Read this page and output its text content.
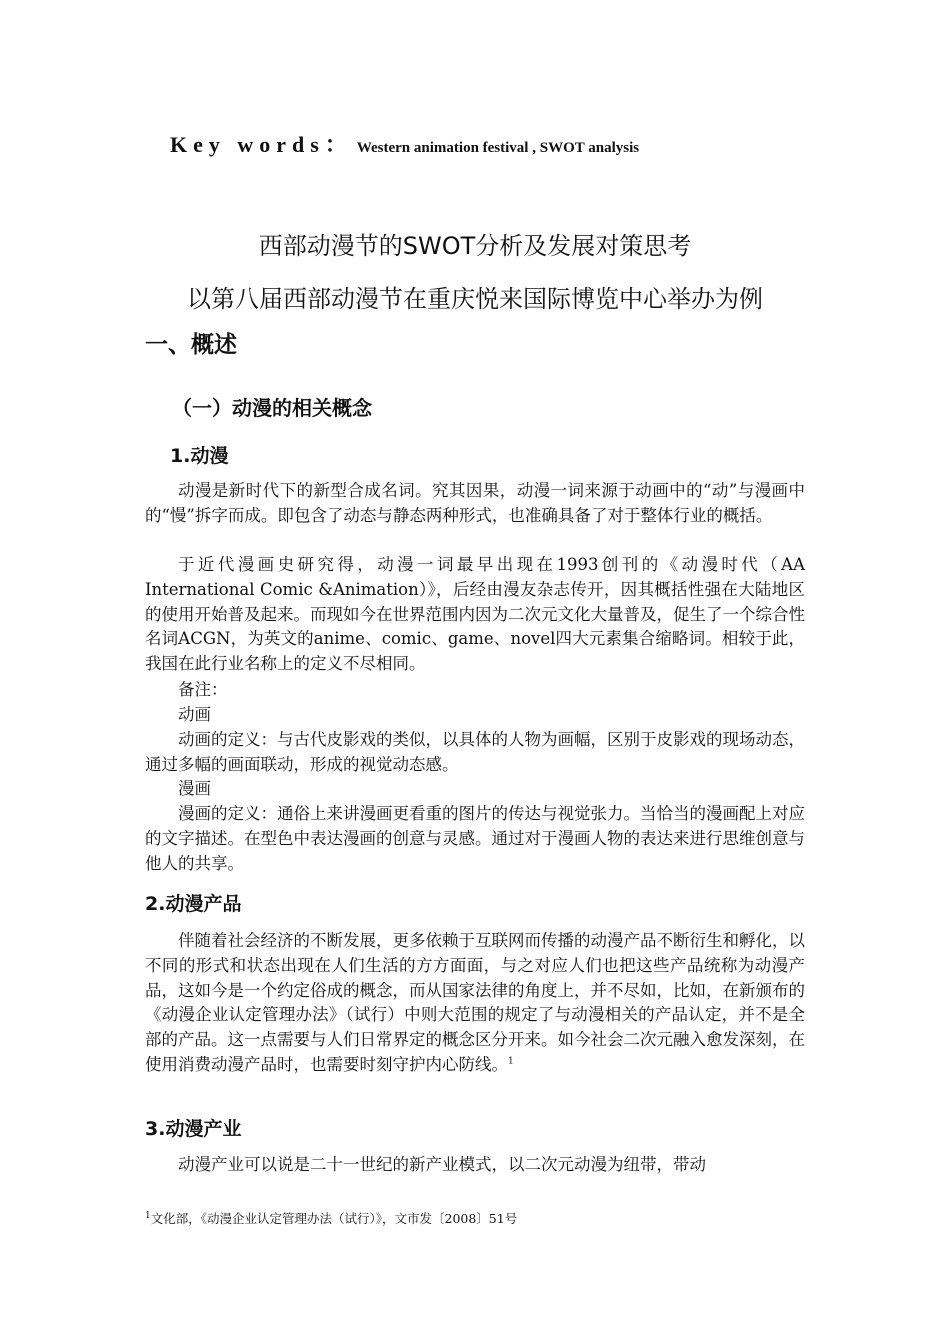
Key words： Western animation festival , SWOT analysis
西部动漫节的SWOT分析及发展对策思考
以第八届西部动漫节在重庆悦来国际博览中心举办为例
一、概述
（一）动漫的相关概念
1.动漫
动漫是新时代下的新型合成名词。究其因果，动漫一词来源于动画中的“动”与漫画中的“慢”拆字而成。即包含了动态与静态两种形式，也准确具备了对于整体行业的概括。
于近代漫画史研究得，动漫一词最早出现在1993创刊的《动漫时代（AA International Comic &Animation）》，后经由漫友杂志传开，因其概括性强在大陆地区的使用开始普及起来。而现如今在世界范围内因为二次元文化大量普及，促生了一个综合性名词ACGN，为英文的anime、comic、game、novel四大元素集合缩略词。相较于此，我国在此行业名称上的定义不尽相同。
备注：
动画
动画的定义：与古代皮影戏的类似，以具体的人物为画幅，区别于皮影戏的现场动态，通过多幅的画面联动，形成的视觉动态感。
漫画
漫画的定义：通俗上来讲漫画更看重的图片的传达与视觉张力。当恰当的漫画配上对应的文字描述。在型色中表达漫画的创意与灵感。通过对于漫画人物的表达来进行思维创意与他人的共享。
2.动漫产品
伴随着社会经济的不断发展，更多依赖于互联网而传播的动漫产品不断衍生和孵化，以不同的形式和状态出现在人们生活的方方面面，与之对应人们也把这些产品统称为动漫产品，这如今是一个约定俗成的概念，而从国家法律的角度上，并不尽如，比如，在新颁布的《动漫企业认定管理办法》（试行）中则大范围的规定了与动漫相关的产品认定，并不是全部的产品。这一点需要与人们日常界定的概念区分开来。如今社会二次元融入愈发深刻，在使用消费动漫产品时，也需要时刻守护内心防线。$^1$
3.动漫产业
动漫产业可以说是二十一世纪的新产业模式，以二次元动漫为纽带，带动
$^1$文化部，《动漫企业认定管理办法（试行）》，文市发〔2008〕51号
